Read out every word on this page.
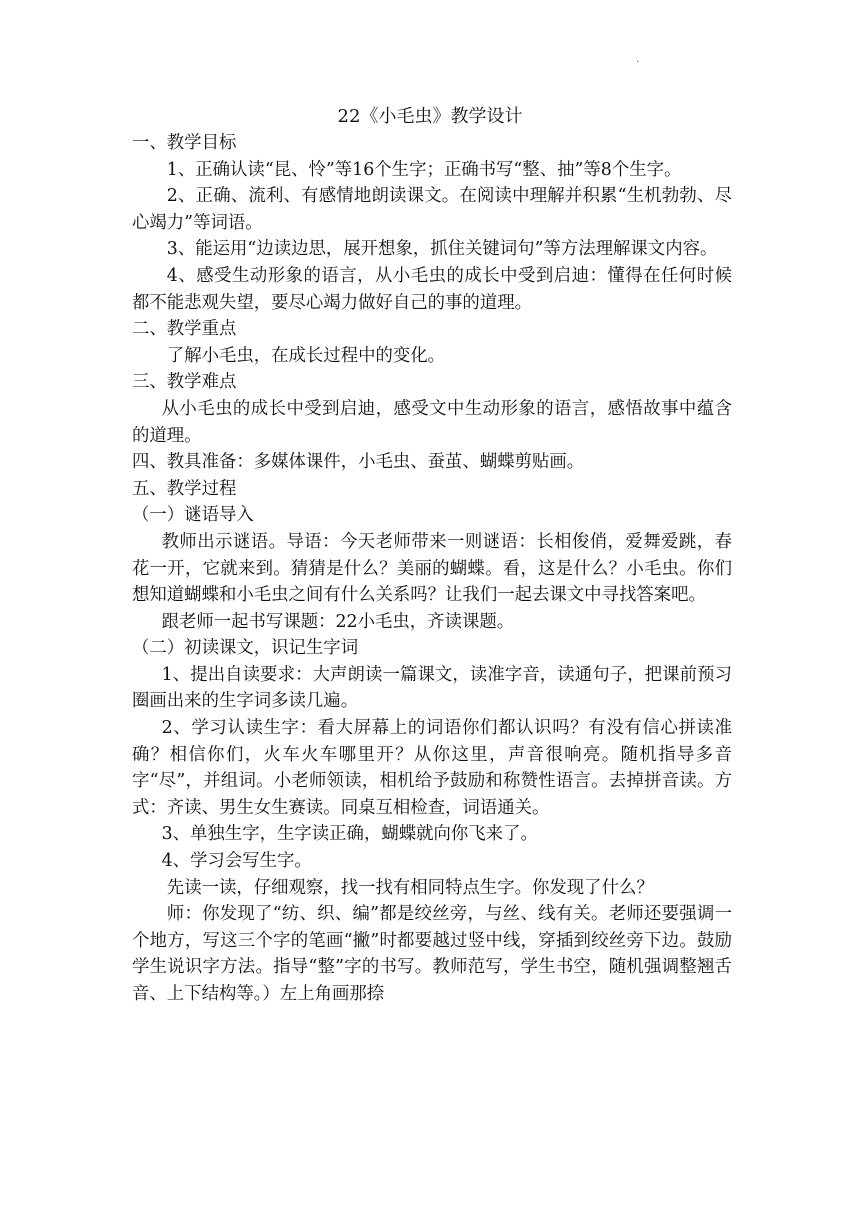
·
22《小毛虫》教学设计

一、教学目标

1、正确认读“昆、怜”等16个生字；正确书写“整、抽”等8个生字。

2、正确、流利、有感情地朗读课文。在阅读中理解并积累“生机勃勃、尽心竭力”等词语。

3、能运用“边读边思，展开想象，抓住关键词句”等方法理解课文内容。

4、感受生动形象的语言，从小毛虫的成长中受到启迪：懂得在任何时候都不能悲观失望，要尽心竭力做好自己的事的道理。

二、教学重点

了解小毛虫，在成长过程中的变化。

三、教学难点

从小毛虫的成长中受到启迪，感受文中生动形象的语言，感悟故事中蕴含的道理。

四、教具准备：多媒体课件，小毛虫、蚕茧、蝴蝶剪贴画。

五、教学过程

（一）谜语导入

教师出示谜语。导语：今天老师带来一则谜语：长相俊俏，爱舞爱跳，春花一开，它就来到。猜猜是什么？美丽的蝴蝶。看，这是什么？小毛虫。你们想知道蝴蝶和小毛虫之间有什么关系吗？让我们一起去课文中寻找答案吧。

跟老师一起书写课题：22小毛虫，齐读课题。

（二）初读课文，识记生字词

1、提出自读要求：大声朗读一篇课文，读准字音，读通句子，把课前预习圈画出来的生字词多读几遍。

2、学习认读生字：看大屏幕上的词语你们都认识吗？有没有信心拼读准确？相信你们，火车火车哪里开？从你这里，声音很响亮。随机指导多音字“尽”，并组词。小老师领读，相机给予鼓励和称赞性语言。去掉拼音读。方式：齐读、男生女生赛读。同桌互相检查，词语通关。

3、单独生字，生字读正确，蝴蝶就向你飞来了。

4、学习会写生字。

先读一读，仔细观察，找一找有相同特点生字。你发现了什么？

师：你发现了“纺、织、编”都是绞丝旁，与丝、线有关。老师还要强调一个地方，写这三个字的笔画“撇”时都要越过竖中线，穿插到绞丝旁下边。鼓励学生说识字方法。指导“整”字的书写。教师范写，学生书空，随机强调整翘舌音、上下结构等。）左上角画那捺
